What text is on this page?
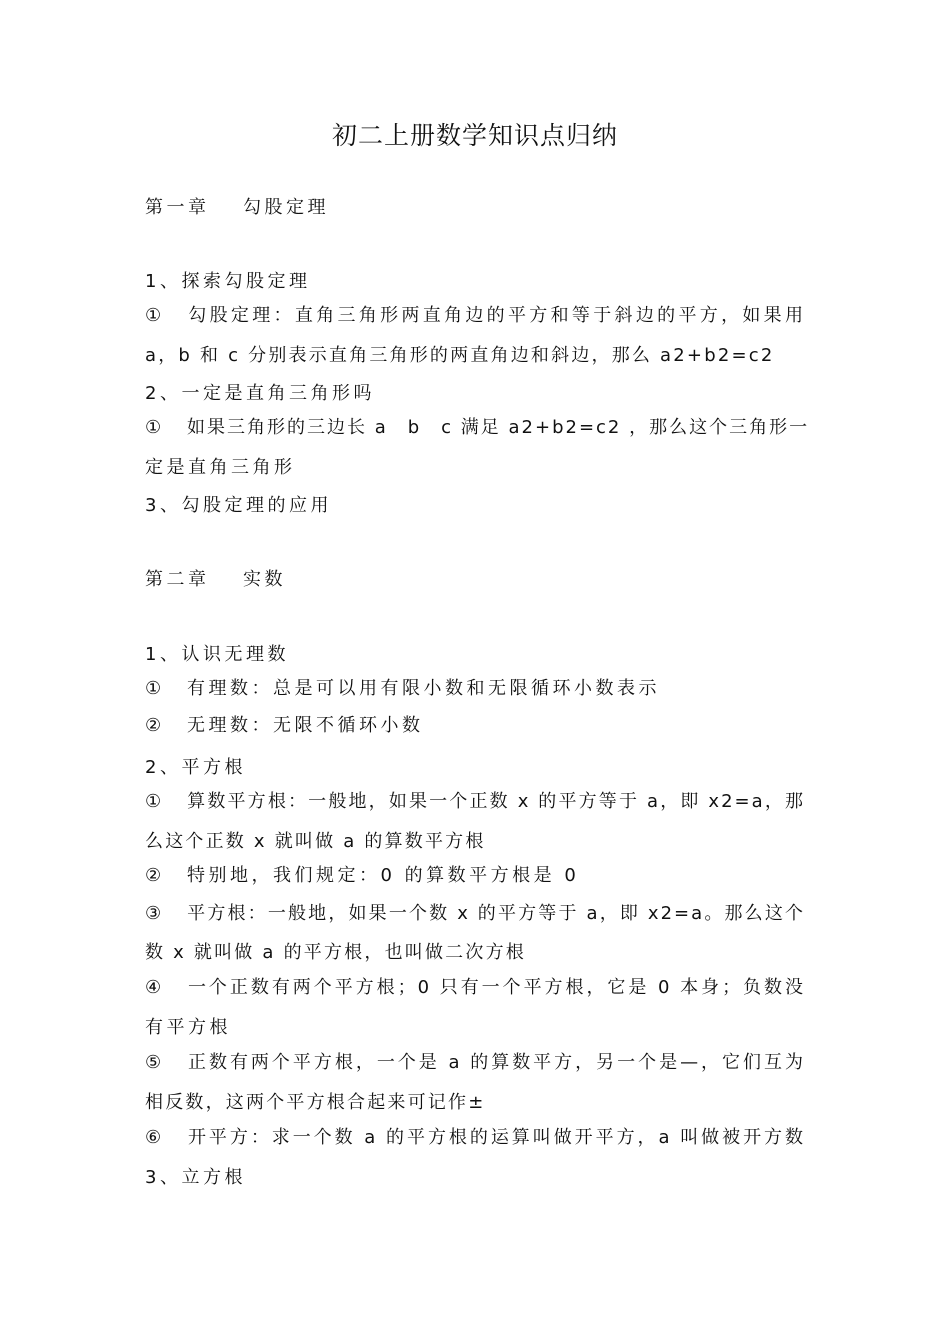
初二上册数学知识点归纳
第一章 勾股定理
1、探索勾股定理
① 勾股定理：直角三角形两直角边的平方和等于斜边的平方，如果用
a，b 和 c 分别表示直角三角形的两直角边和斜边，那么 a2+b2=c2
2、一定是直角三角形吗
① 如果三角形的三边长 a　b　c 满足 a2+b2=c2 ，那么这个三角形一
定是直角三角形
3、勾股定理的应用
第二章 实数
1、认识无理数
① 有理数：总是可以用有限小数和无限循环小数表示
② 无理数：无限不循环小数
2、平方根
① 算数平方根：一般地，如果一个正数 x 的平方等于 a，即 x2=a，那
么这个正数 x 就叫做 a 的算数平方根
② 特别地，我们规定：0 的算数平方根是 0
③ 平方根：一般地，如果一个数 x 的平方等于 a，即 x2=a。那么这个
数 x 就叫做 a 的平方根，也叫做二次方根
④ 一个正数有两个平方根；0 只有一个平方根，它是 0 本身；负数没
有平方根
⑤ 正数有两个平方根，一个是 a 的算数平方，另一个是—，它们互为
相反数，这两个平方根合起来可记作±
⑥ 开平方：求一个数 a 的平方根的运算叫做开平方，a 叫做被开方数
3、立方根
